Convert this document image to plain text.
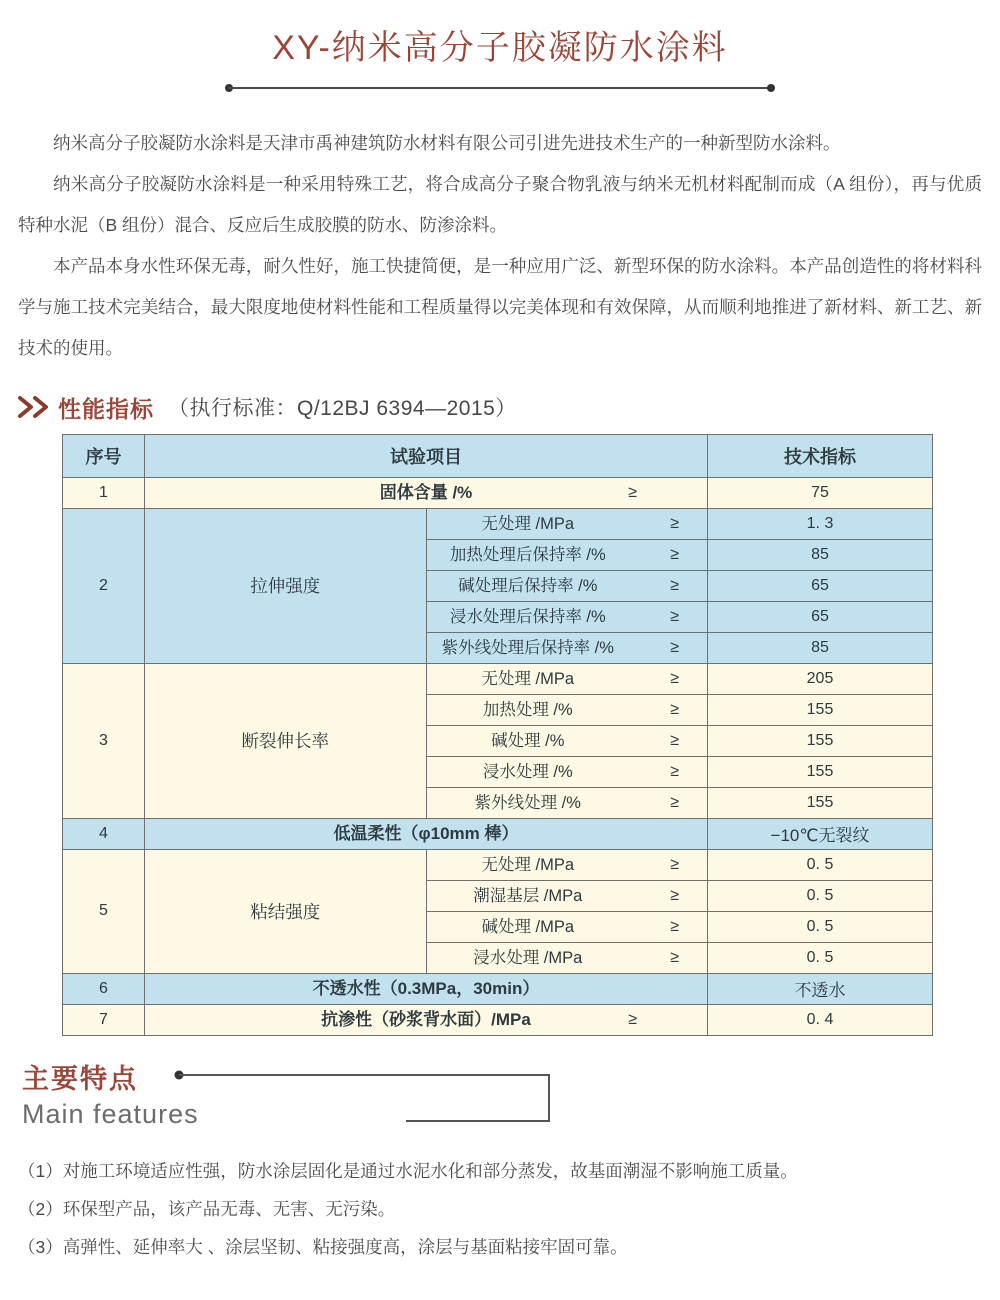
XY-纳米高分子胶凝防水涂料

纳米高分子胶凝防水涂料是天津市禹神建筑防水材料有限公司引进先进技术生产的一种新型防水涂料。

纳米高分子胶凝防水涂料是一种采用特殊工艺，将合成高分子聚合物乳液与纳米无机材料配制而成（A 组份），再与优质特种水泥（B 组份）混合、反应后生成胶膜的防水、防渗涂料。

本产品本身水性环保无毒，耐久性好，施工快捷简便，是一种应用广泛、新型环保的防水涂料。本产品创造性的将材料科学与施工技术完美结合，最大限度地使材料性能和工程质量得以完美体现和有效保障，从而顺利地推进了新材料、新工艺、新技术的使用。

性能指标 （执行标准：Q/12BJ 6394—2015）
序号	试验项目		技术指标
1	固体含量 /% ≥		75
2	拉伸强度	无处理 /MPa ≥	1. 3

		加热处理后保持率 /% ≥	85

		碱处理后保持率 /% ≥	65

		浸水处理后保持率 /% ≥	65

		紫外线处理后保持率 /% ≥	85
3	断裂伸长率	无处理 /MPa ≥	205

		加热处理 /% ≥	155

		碱处理 /% ≥	155

		浸水处理 /% ≥	155

		紫外线处理 /% ≥	155
4	低温柔性（φ10mm 棒）		−10℃无裂纹
5	粘结强度	无处理 /MPa ≥	0. 5

		潮湿基层 /MPa ≥	0. 5

		碱处理 /MPa ≥	0. 5

		浸水处理 /MPa ≥	0. 5
6	不透水性（0.3MPa，30min）		不透水
7	抗渗性（砂浆背水面）/MPa ≥		0. 4
主要特点
Main features
（1）对施工环境适应性强，防水涂层固化是通过水泥水化和部分蒸发，故基面潮湿不影响施工质量。
（2）环保型产品，该产品无毒、无害、无污染。
（3）高弹性、延伸率大 、涂层坚韧、粘接强度高，涂层与基面粘接牢固可靠。
